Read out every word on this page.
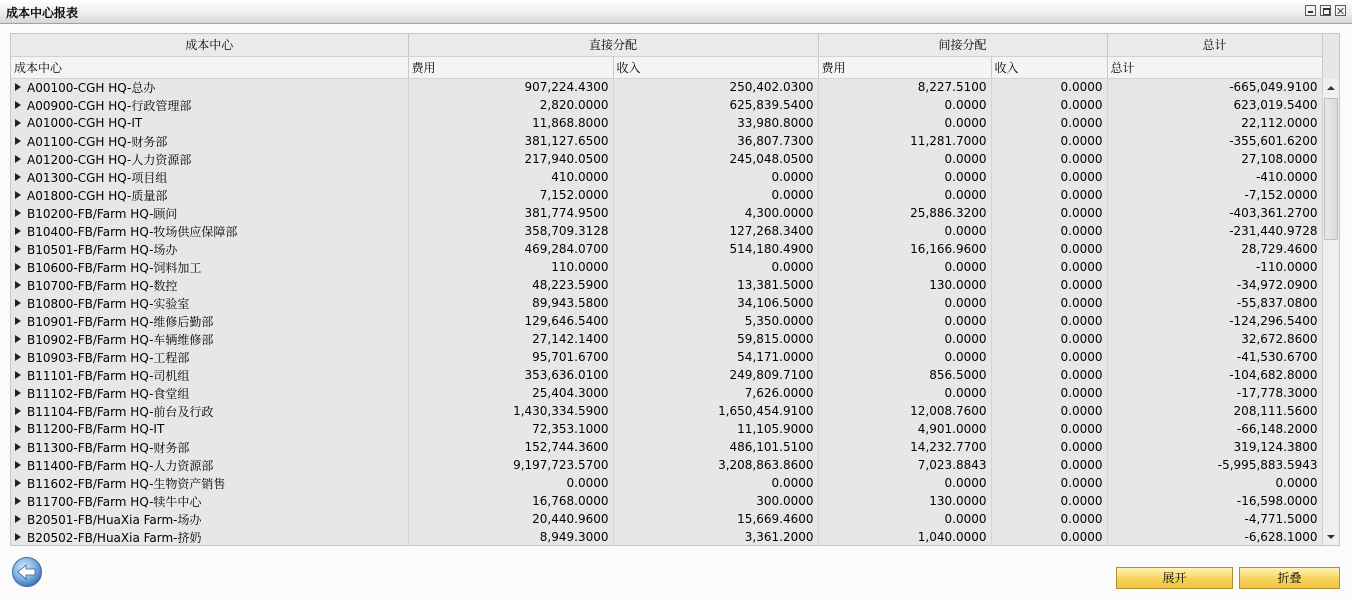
成本中心报表
成本中心	直接分配		间接分配		总计
成本中心	费用	收入	费用	收入	总计
A00100-CGH HQ-总办	907,224.4300	250,402.0300	8,227.5100	0.0000	-665,049.9100
A00900-CGH HQ-行政管理部	2,820.0000	625,839.5400	0.0000	0.0000	623,019.5400
A01000-CGH HQ-IT	11,868.8000	33,980.8000	0.0000	0.0000	22,112.0000
A01100-CGH HQ-财务部	381,127.6500	36,807.7300	11,281.7000	0.0000	-355,601.6200
A01200-CGH HQ-人力资源部	217,940.0500	245,048.0500	0.0000	0.0000	27,108.0000
A01300-CGH HQ-项目组	410.0000	0.0000	0.0000	0.0000	-410.0000
A01800-CGH HQ-质量部	7,152.0000	0.0000	0.0000	0.0000	-7,152.0000
B10200-FB/Farm HQ-顾问	381,774.9500	4,300.0000	25,886.3200	0.0000	-403,361.2700
B10400-FB/Farm HQ-牧场供应保障部	358,709.3128	127,268.3400	0.0000	0.0000	-231,440.9728
B10501-FB/Farm HQ-场办	469,284.0700	514,180.4900	16,166.9600	0.0000	28,729.4600
B10600-FB/Farm HQ-饲料加工	110.0000	0.0000	0.0000	0.0000	-110.0000
B10700-FB/Farm HQ-数控	48,223.5900	13,381.5000	130.0000	0.0000	-34,972.0900
B10800-FB/Farm HQ-实验室	89,943.5800	34,106.5000	0.0000	0.0000	-55,837.0800
B10901-FB/Farm HQ-维修后勤部	129,646.5400	5,350.0000	0.0000	0.0000	-124,296.5400
B10902-FB/Farm HQ-车辆维修部	27,142.1400	59,815.0000	0.0000	0.0000	32,672.8600
B10903-FB/Farm HQ-工程部	95,701.6700	54,171.0000	0.0000	0.0000	-41,530.6700
B11101-FB/Farm HQ-司机组	353,636.0100	249,809.7100	856.5000	0.0000	-104,682.8000
B11102-FB/Farm HQ-食堂组	25,404.3000	7,626.0000	0.0000	0.0000	-17,778.3000
B11104-FB/Farm HQ-前台及行政	1,430,334.5900	1,650,454.9100	12,008.7600	0.0000	208,111.5600
B11200-FB/Farm HQ-IT	72,353.1000	11,105.9000	4,901.0000	0.0000	-66,148.2000
B11300-FB/Farm HQ-财务部	152,744.3600	486,101.5100	14,232.7700	0.0000	319,124.3800
B11400-FB/Farm HQ-人力资源部	9,197,723.5700	3,208,863.8600	7,023.8843	0.0000	-5,995,883.5943
B11602-FB/Farm HQ-生物资产销售	0.0000	0.0000	0.0000	0.0000	0.0000
B11700-FB/Farm HQ-犊牛中心	16,768.0000	300.0000	130.0000	0.0000	-16,598.0000
B20501-FB/HuaXia Farm-场办	20,440.9600	15,669.4600	0.0000	0.0000	-4,771.5000
B20502-FB/HuaXia Farm-挤奶	8,949.3000	3,361.2000	1,040.0000	0.0000	-6,628.1000
展开	折叠
